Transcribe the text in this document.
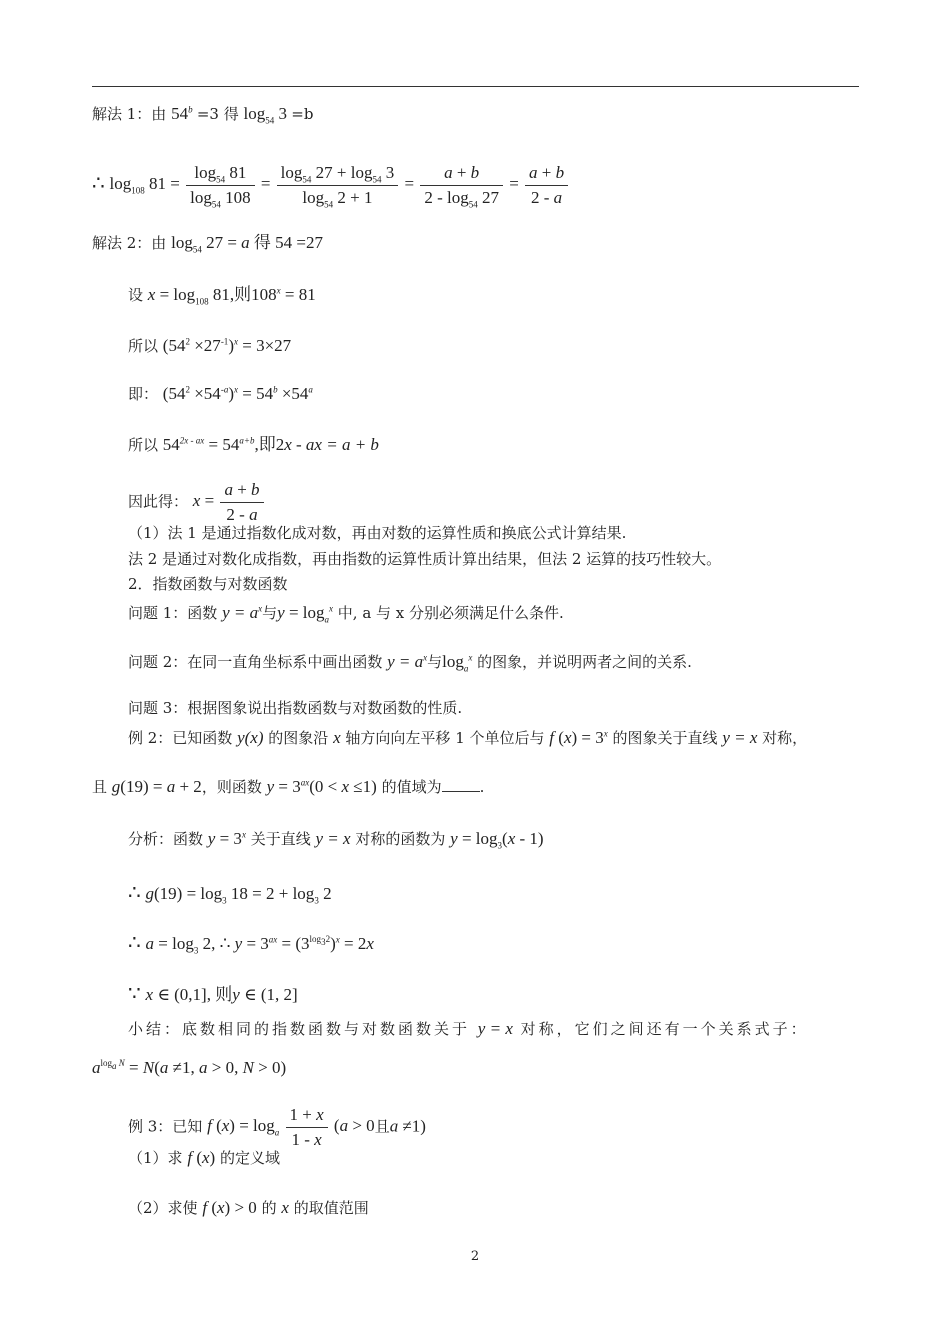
解法 1：由 $54^b =3$ 得 $\log_{54} 3 =b$
∴ $\log_{108} 81 = \frac{\log_{54} 81}{\log_{54} 108} = \frac{\log_{54} 27 + \log_{54} 3}{\log_{54} 2 + 1} = \frac{a + b}{2 - \log_{54} 27} = \frac{a + b}{2 - a}$
解法 2：由 $\log_{54} 27 = a$ 得 54 =27
设 $x = \log_{108} 81$,则$108^x = 81$
所以 $(54^2 \times 27^{-1})^x = 3\times 27$
即： $(54^2 \times 54^{-a})^x = 54^b \times 54^a$
所以 $54^{2x - ax} = 54^{a+b}$,即2x - ax = a + b
因此得： $x = \frac{a + b}{2 - a}$
（1）法 1 是通过指数化成对数，再由对数的运算性质和换底公式计算结果.
法 2 是通过对数化成指数，再由指数的运算性质计算出结果，但法 2 运算的技巧性较大。
2．指数函数与对数函数
问题 1：函数 $y = a^x$与$y = \log_a^x$ 中, a 与 x 分别必须满足什么条件.
问题 2：在同一直角坐标系中画出函数 $y = a^x$与$\log_a^x$ 的图象，并说明两者之间的关系.
问题 3：根据图象说出指数函数与对数函数的性质.
例 2：已知函数 y(x) 的图象沿 x 轴方向向左平移 1 个单位后与 f $(x) = 3^x$ 的图象关于直线 y = x 对称，
且 g(19) = a + 2，则函数 $y = 3^{ax}(0 < x \le 1)$ 的值域为	.
分析：函数 $y = 3^x$ 关于直线 y = x 对称的函数为 $y = \log_3(x - 1)$
∴ $g(19) = \log_3 18 = 2 + \log_3 2$
∴ $a = \log_3 2$, ∴ $y = 3^{ax} = (3^{log_32})^x = 2x$
∵ x ∈ (0,1], 则y ∈ (1, 2]
小结：底数相同的指数函数与对数函数关于 y = x 对称，它们之间还有一个关系式子：
$a^{log_a N} = N(a \ne 1$, a > 0, N > 0)
例 3：已知 f $(x) = \log_a \frac{1 + x}{1 - x} (a > 0$且a ≠1)
（1）求 f (x) 的定义域
（2）求使 f (x) > 0 的 x 的取值范围
2
